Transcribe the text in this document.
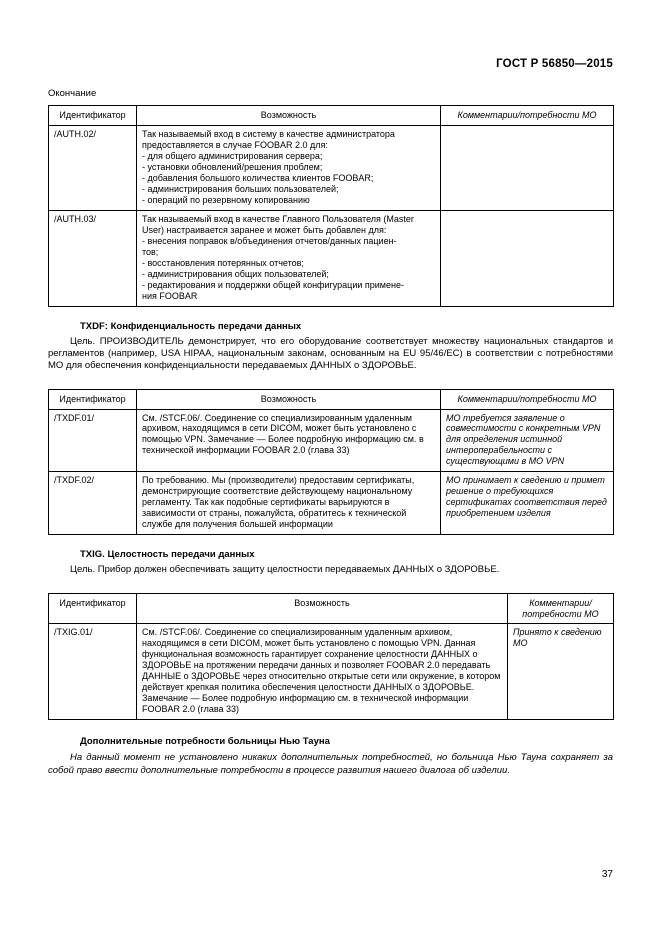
ГОСТ Р 56850—2015
Окончание
Идентификатор	Возможность	Комментарии/потребности МО
/AUTH.02/	Так называемый вход в систему в качестве администратора предоставляется в случае FOOBAR 2.0 для:
- для общего администрирования сервера;
- установки обновлений/решения проблем;
- добавления большого количества клиентов FOOBAR;
- администрирования больших пользователей;
- операций по резервному копированию

/AUTH.03/	Так называемый вход в качестве Главного Пользователя (Master User) настраивается заранее и может быть добавлен для:
- внесения поправок в/объединения отчетов/данных пациен-
тов;
- восстановления потерянных отчетов;
- администрирования общих пользователей;
- редактирования и поддержки общей конфигурации примене-
ния FOOBAR

TXDF: Конфиденциальность передачи данных
Цель. ПРОИЗВОДИТЕЛЬ демонстрирует, что его оборудование соответствует множеству национальных стандартов и регламентов (например, USA HIPAA, национальным законам, основанным на EU 95/46/EC) в соответствии с потребностями МО для обеспечения конфиденциальности передаваемых ДАННЫХ о ЗДОРОВЬЕ.
Идентификатор	Возможность	Комментарии/потребности МО
/TXDF.01/	См. /STCF.06/. Соединение со специализированным удаленным архивом, находящимся в сети DICOM, может быть установлено с помощью VPN. Замечание — Более подробную информацию см. в технической информации FOOBAR 2.0 (глава 33)	МО требуется заявление о совместимости с конкретным VPN для определения истинной интероперабельности с существующими в МО VPN
/TXDF.02/	По требованию. Мы (производители) предоставим сертификаты, демонстрирующие соответствие действующему национальному регламенту. Так как подобные сертификаты варьируются в зависимости от страны, пожалуйста, обратитесь к технической службе для получения большей информации	МО принимает к сведению и примет решение о требующихся сертификатах соответствия перед приобретением изделия
TXIG. Целостность передачи данных
Цель. Прибор должен обеспечивать защиту целостности передаваемых ДАННЫХ о ЗДОРОВЬЕ.
Идентификатор	Возможность	Комментарии/ потребности МО
/TXIG.01/	См. /STCF.06/. Соединение со специализированным удаленным архивом, находящимся в сети DICOM, может быть установлено с помощью VPN. Данная функциональная возможность гарантирует сохранение целостности ДАННЫХ о ЗДОРОВЬЕ на протяжении передачи данных и позволяет FOOBAR 2.0 передавать ДАННЫЕ о ЗДОРОВЬЕ через относительно открытые сети или окружение, в котором действует крепкая политика обеспечения целостности ДАННЫХ о ЗДОРОВЬЕ. Замечание — Более подробную информацию см. в технической информации FOOBAR 2.0 (глава 33)	Принято к сведению МО
Дополнительные потребности больницы Нью Тауна
На данный момент не установлено никаких дополнительных потребностей, но больница Нью Тауна сохраняет за собой право ввести дополнительные потребности в процессе развития нашего диалога об изделии.
37
